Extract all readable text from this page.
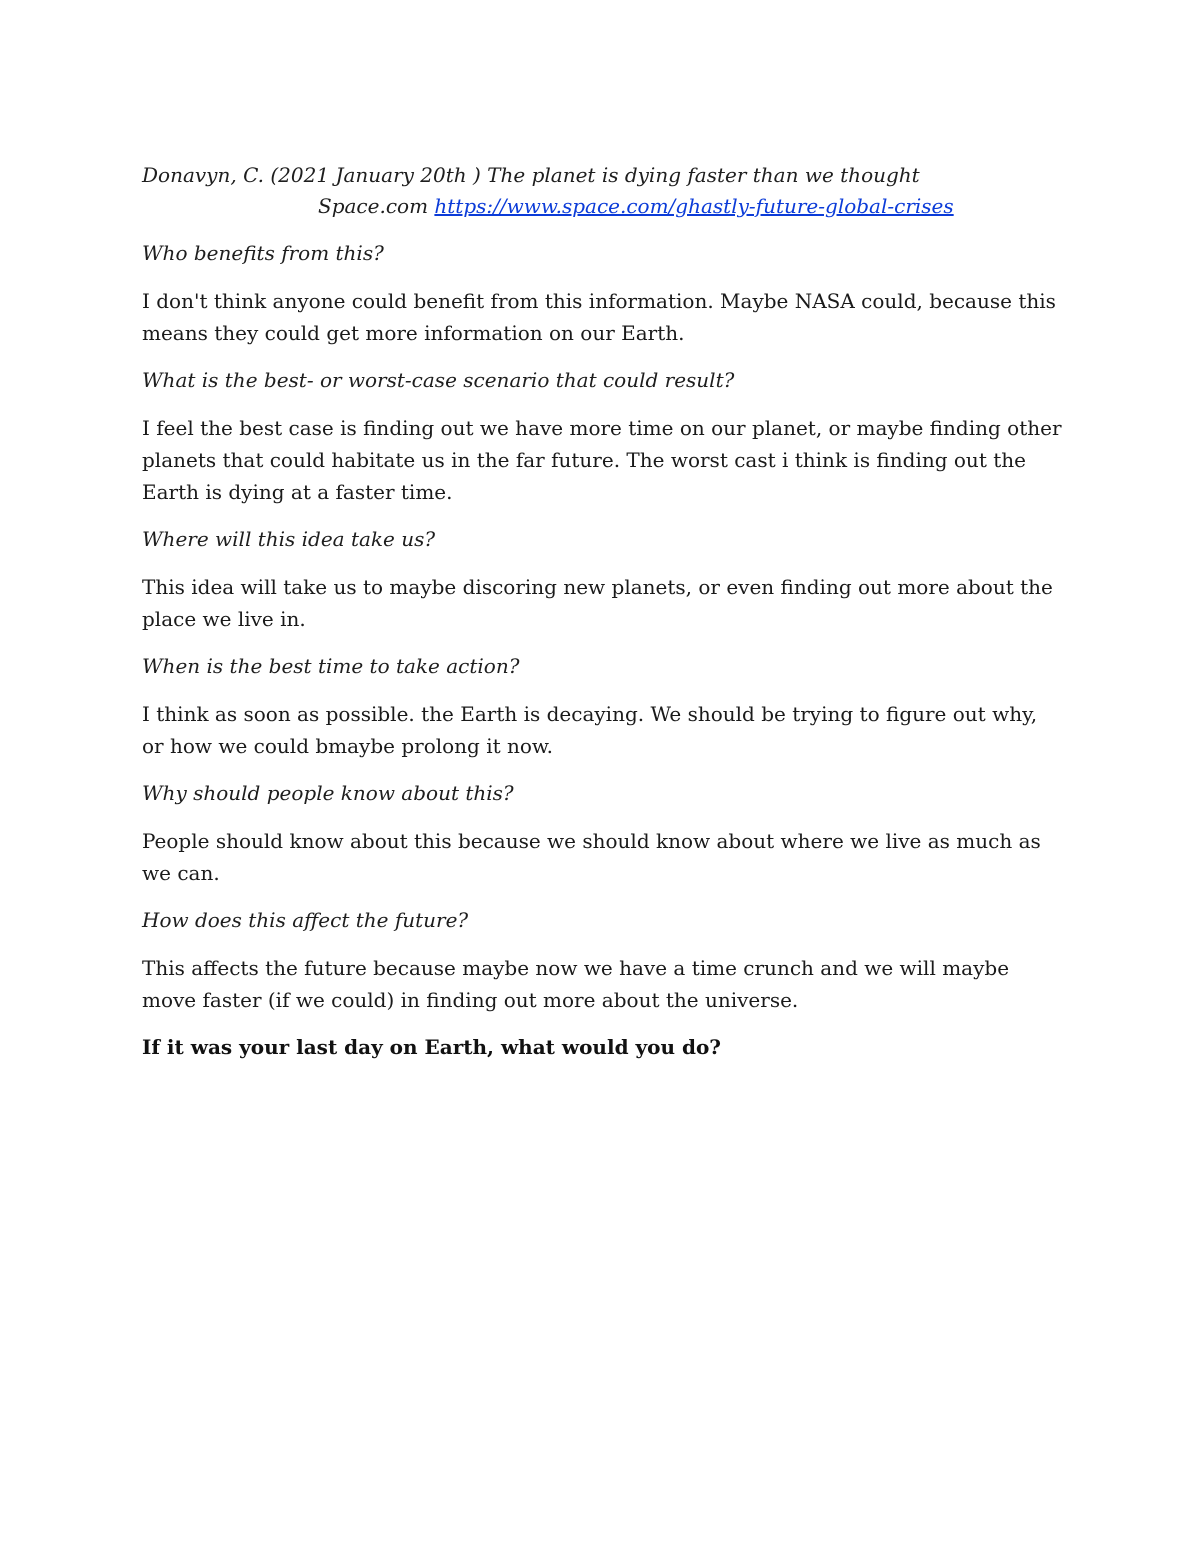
Donavyn, C. (2021 January 20th ) The planet is dying faster than we thought
Space.com https://www.space.com/ghastly-future-global-crises

Who benefits from this?

I don't think anyone could benefit from this information. Maybe NASA could, because this means they could get more information on our Earth.

What is the best- or worst-case scenario that could result?

I feel the best case is finding out we have more time on our planet, or maybe finding other planets that could habitate us in the far future. The worst cast i think is finding out the Earth is dying at a faster time.

Where will this idea take us?

This idea will take us to maybe discoring new planets, or even finding out more about the place we live in.

When is the best time to take action?

I think as soon as possible. the Earth is decaying. We should be trying to figure out why, or how we could bmaybe prolong it now.

Why should people know about this?

People should know about this because we should know about where we live as much as we can.

How does this affect the future?

This affects the future because maybe now we have a time crunch and we will maybe move faster (if we could) in finding out more about the universe.

If it was your last day on Earth, what would you do?
